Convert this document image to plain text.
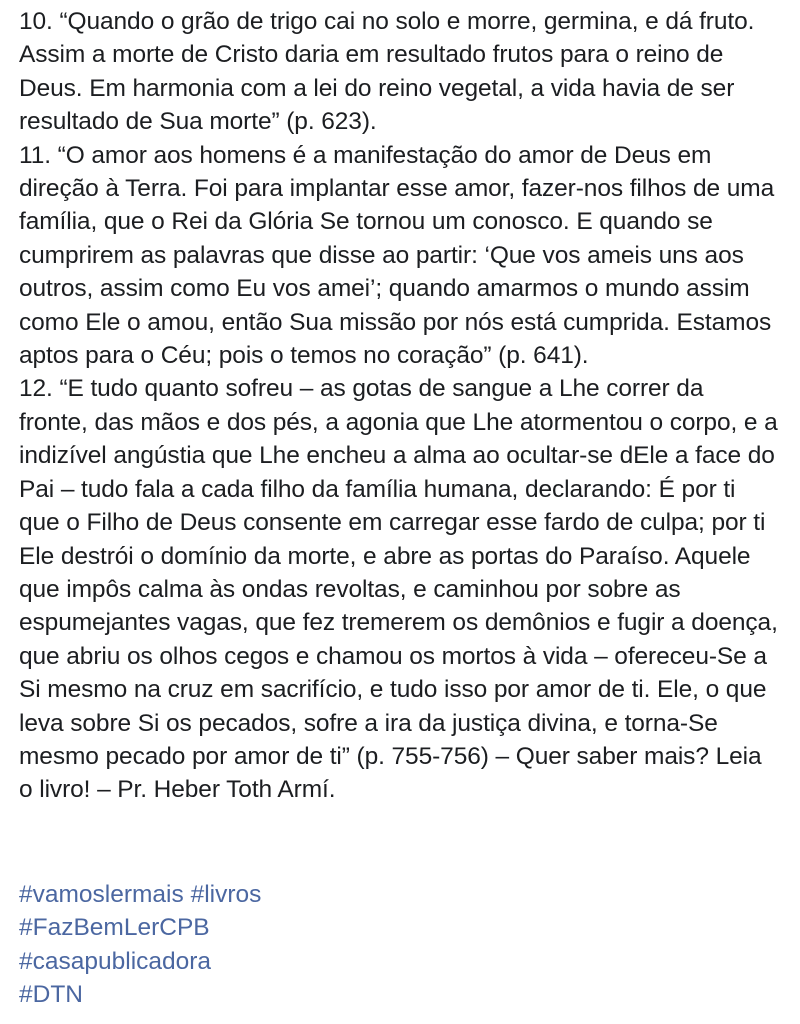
10. “Quando o grão de trigo cai no solo e morre, germina, e dá fruto. Assim a morte de Cristo daria em resultado frutos para o reino de Deus. Em harmonia com a lei do reino vegetal, a vida havia de ser resultado de Sua morte” (p. 623).

11. “O amor aos homens é a manifestação do amor de Deus em direção à Terra. Foi para implantar esse amor, fazer-nos filhos de uma família, que o Rei da Glória Se tornou um conosco. E quando se cumprirem as palavras que disse ao partir: ‘Que vos ameis uns aos outros, assim como Eu vos amei’; quando amarmos o mundo assim como Ele o amou, então Sua missão por nós está cumprida. Estamos aptos para o Céu; pois o temos no coração” (p. 641).

12. “E tudo quanto sofreu – as gotas de sangue a Lhe correr da fronte, das mãos e dos pés, a agonia que Lhe atormentou o corpo, e a indizível angústia que Lhe encheu a alma ao ocultar-se dEle a face do Pai – tudo fala a cada filho da família humana, declarando: É por ti que o Filho de Deus consente em carregar esse fardo de culpa; por ti Ele destrói o domínio da morte, e abre as portas do Paraíso. Aquele que impôs calma às ondas revoltas, e caminhou por sobre as espumejantes vagas, que fez tremerem os demônios e fugir a doença, que abriu os olhos cegos e chamou os mortos à vida – ofereceu-Se a Si mesmo na cruz em sacrifício, e tudo isso por amor de ti. Ele, o que leva sobre Si os pecados, sofre a ira da justiça divina, e torna-Se mesmo pecado por amor de ti” (p. 755-756) – Quer saber mais? Leia o livro! – Pr. Heber Toth Armí.

#vamoslermais #livros
#FazBemLerCPB
#casapublicadora
#DTN
